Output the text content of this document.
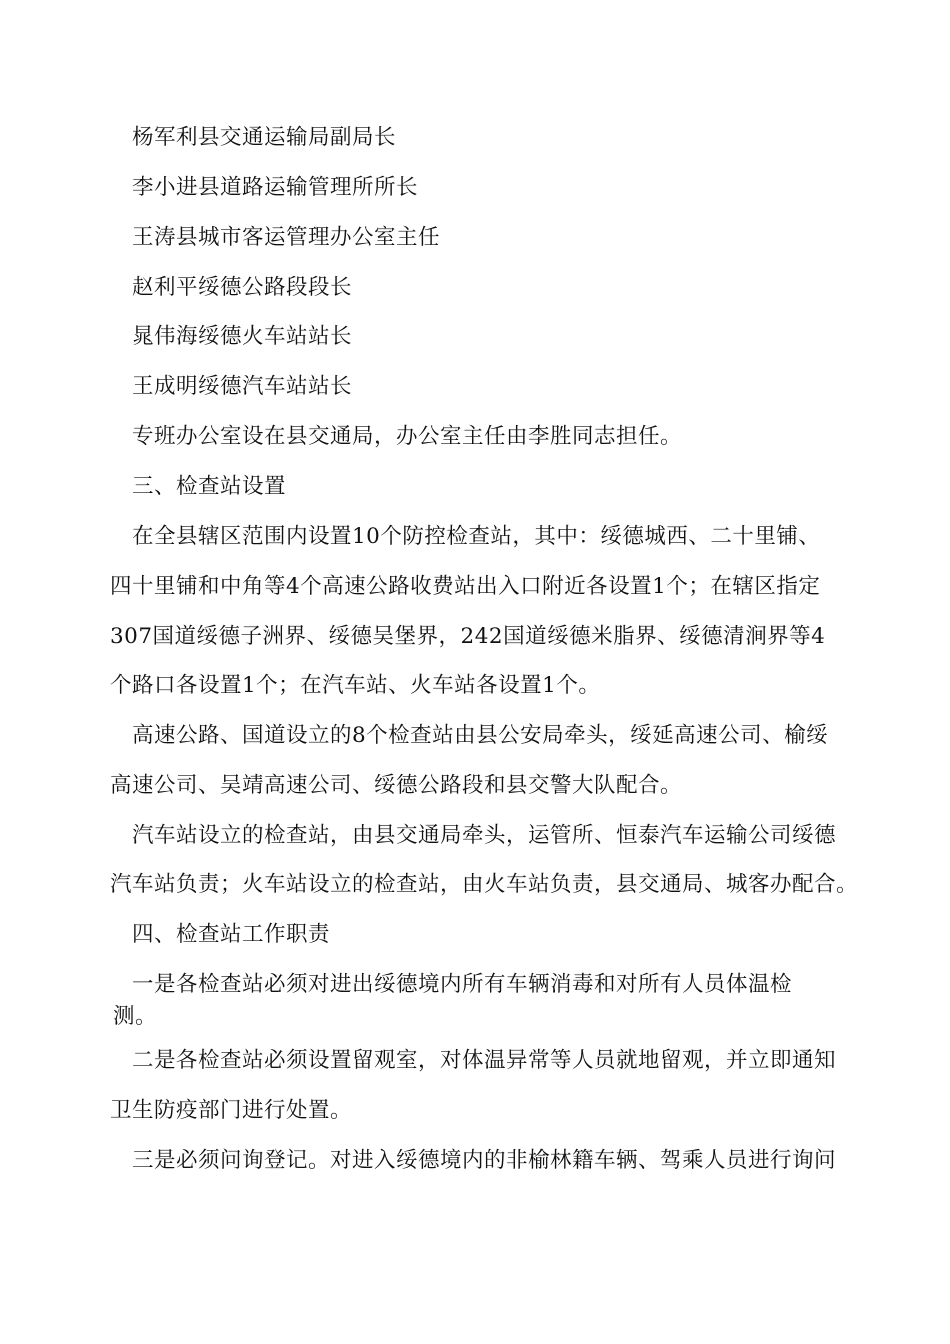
杨军利县交通运输局副局长
李小进县道路运输管理所所长
王涛县城市客运管理办公室主任
赵利平绥德公路段段长
晁伟海绥德火车站站长
王成明绥德汽车站站长
专班办公室设在县交通局，办公室主任由李胜同志担任。
三、检查站设置
在全县辖区范围内设置10个防控检查站，其中：绥德城西、二十里铺、
四十里铺和中角等4个高速公路收费站出入口附近各设置1个；在辖区指定
307国道绥德子洲界、绥德吴堡界，242国道绥德米脂界、绥德清涧界等4
个路口各设置1个；在汽车站、火车站各设置1个。
高速公路、国道设立的8个检查站由县公安局牵头，绥延高速公司、榆绥
高速公司、吴靖高速公司、绥德公路段和县交警大队配合。
汽车站设立的检查站，由县交通局牵头，运管所、恒泰汽车运输公司绥德
汽车站负责；火车站设立的检查站，由火车站负责，县交通局、城客办配合。
四、检查站工作职责
一是各检查站必须对进出绥德境内所有车辆消毒和对所有人员体温检
测。
二是各检查站必须设置留观室，对体温异常等人员就地留观，并立即通知
卫生防疫部门进行处置。
三是必须问询登记。对进入绥德境内的非榆林籍车辆、驾乘人员进行询问
